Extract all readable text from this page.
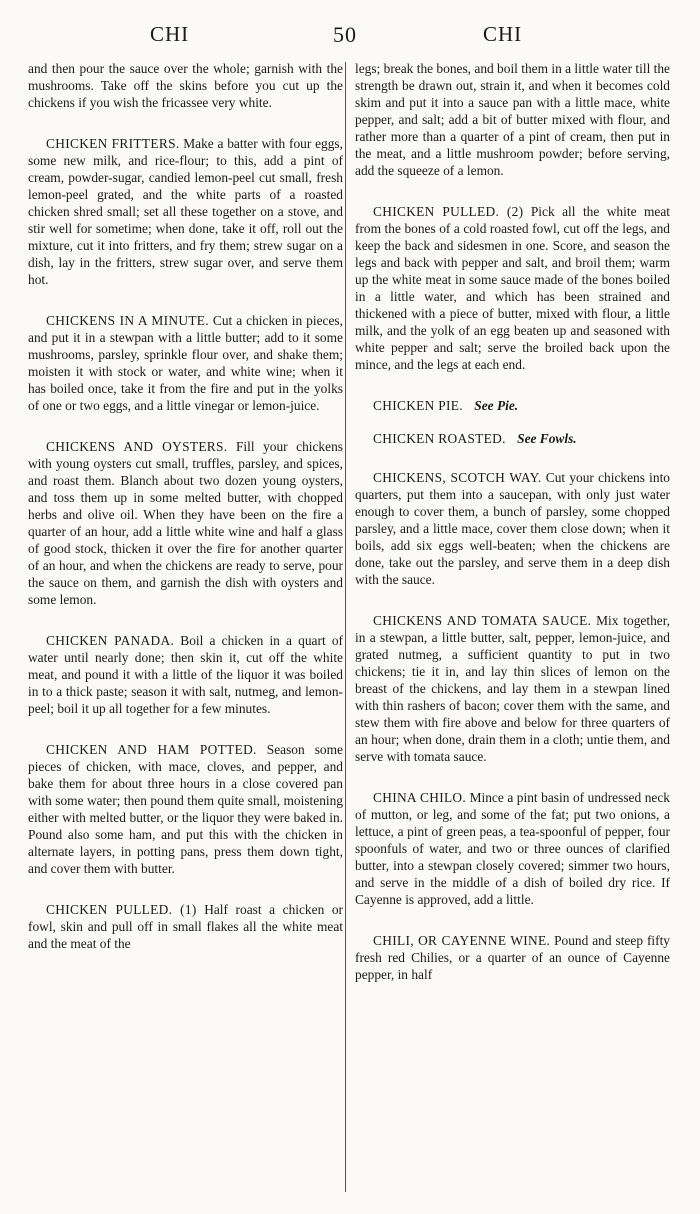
CHI	50	CHI

and then pour the sauce over the whole; garnish with the mushrooms. Take off the skins before you cut up the chickens if you wish the fricassee very white.

CHICKEN FRITTERS. Make a batter with four eggs, some new milk, and rice-flour; to this, add a pint of cream, powder-sugar, candied lemon-peel cut small, fresh lemon-peel grated, and the white parts of a roasted chicken shred small; set all these together on a stove, and stir well for sometime; when done, take it off, roll out the mixture, cut it into fritters, and fry them; strew sugar on a dish, lay in the fritters, strew sugar over, and serve them hot.

CHICKENS IN A MINUTE. Cut a chicken in pieces, and put it in a stewpan with a little butter; add to it some mushrooms, parsley, sprinkle flour over, and shake them; moisten it with stock or water, and white wine; when it has boiled once, take it from the fire and put in the yolks of one or two eggs, and a little vinegar or lemon-juice.

CHICKENS AND OYSTERS. Fill your chickens with young oysters cut small, truffles, parsley, and spices, and roast them. Blanch about two dozen young oysters, and toss them up in some melted butter, with chopped herbs and olive oil. When they have been on the fire a quarter of an hour, add a little white wine and half a glass of good stock, thicken it over the fire for another quarter of an hour, and when the chickens are ready to serve, pour the sauce on them, and garnish the dish with oysters and some lemon.

CHICKEN PANADA. Boil a chicken in a quart of water until nearly done; then skin it, cut off the white meat, and pound it with a little of the liquor it was boiled in to a thick paste; season it with salt, nutmeg, and lemon-peel; boil it up all together for a few minutes.

CHICKEN AND HAM POTTED. Season some pieces of chicken, with mace, cloves, and pepper, and bake them for about three hours in a close covered pan with some water; then pound them quite small, moistening either with melted butter, or the liquor they were baked in. Pound also some ham, and put this with the chicken in alternate layers, in potting pans, press them down tight, and cover them with butter.

CHICKEN PULLED. (1) Half roast a chicken or fowl, skin and pull off in small flakes all the white meat and the meat of the

legs; break the bones, and boil them in a little water till the strength be drawn out, strain it, and when it becomes cold skim and put it into a sauce pan with a little mace, white pepper, and salt; add a bit of butter mixed with flour, and rather more than a quarter of a pint of cream, then put in the meat, and a little mushroom powder; before serving, add the squeeze of a lemon.

CHICKEN PULLED. (2) Pick all the white meat from the bones of a cold roasted fowl, cut off the legs, and keep the back and sidesmen in one. Score, and season the legs and back with pepper and salt, and broil them; warm up the white meat in some sauce made of the bones boiled in a little water, and which has been strained and thickened with a piece of butter, mixed with flour, a little milk, and the yolk of an egg beaten up and seasoned with white pepper and salt; serve the broiled back upon the mince, and the legs at each end.

CHICKEN PIE. See Pie.
CHICKEN ROASTED. See Fowls.

CHICKENS, SCOTCH WAY. Cut your chickens into quarters, put them into a saucepan, with only just water enough to cover them, a bunch of parsley, some chopped parsley, and a little mace, cover them close down; when it boils, add six eggs well-beaten; when the chickens are done, take out the parsley, and serve them in a deep dish with the sauce.

CHICKENS AND TOMATA SAUCE. Mix together, in a stewpan, a little butter, salt, pepper, lemon-juice, and grated nutmeg, a sufficient quantity to put in two chickens; tie it in, and lay thin slices of lemon on the breast of the chickens, and lay them in a stewpan lined with thin rashers of bacon; cover them with the same, and stew them with fire above and below for three quarters of an hour; when done, drain them in a cloth; untie them, and serve with tomata sauce.

CHINA CHILO. Mince a pint basin of undressed neck of mutton, or leg, and some of the fat; put two onions, a lettuce, a pint of green peas, a tea-spoonful of pepper, four spoonfuls of water, and two or three ounces of clarified butter, into a stewpan closely covered; simmer two hours, and serve in the middle of a dish of boiled dry rice. If Cayenne is approved, add a little.

CHILI, OR CAYENNE WINE. Pound and steep fifty fresh red Chilies, or a quarter of an ounce of Cayenne pepper, in half
